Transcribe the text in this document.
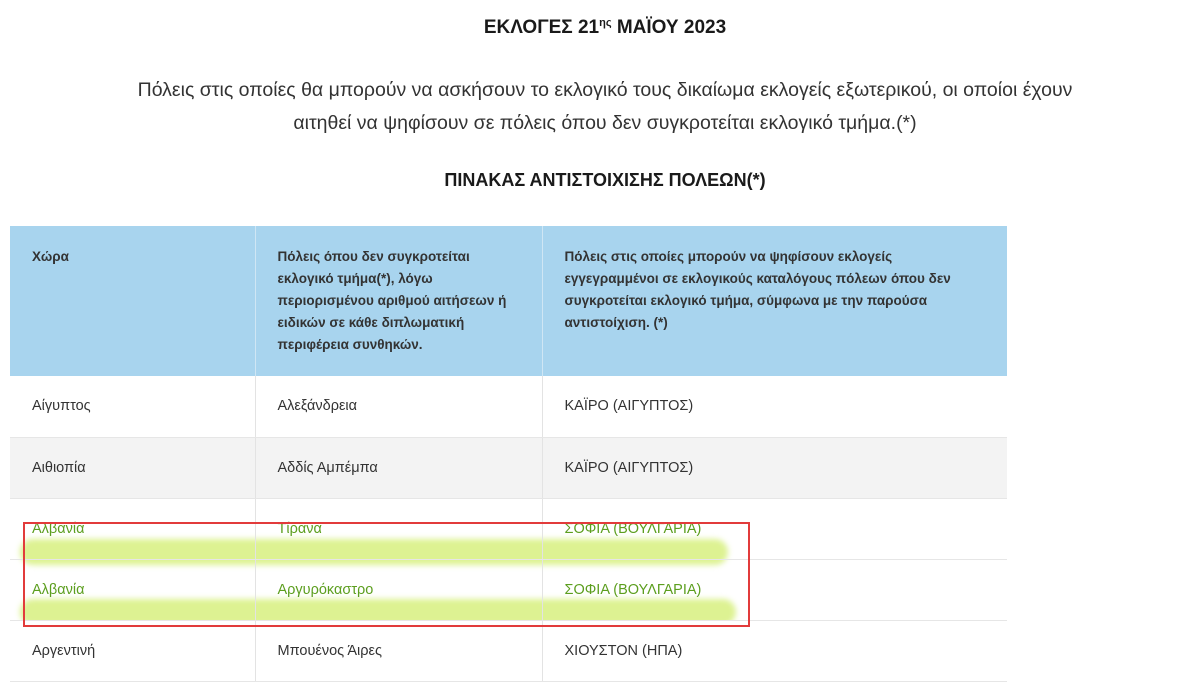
ΕΚΛΟΓΕΣ $21^{\eta\varsigma}$ ΜΑΪΟΥ 2023
Πόλεις στις οποίες θα μπορούν να ασκήσουν το εκλογικό τους δικαίωμα εκλογείς εξωτερικού, οι οποίοι έχουν
αιτηθεί να ψηφίσουν σε πόλεις όπου δεν συγκροτείται εκλογικό τμήμα.(*)
ΠΙΝΑΚΑΣ ΑΝΤΙΣΤΟΙΧΙΣΗΣ ΠΟΛΕΩΝ(*)
Χώρα	Πόλεις όπου δεν συγκροτείται εκλογικό τμήμα(*), λόγω περιορισμένου αριθμού αιτήσεων ή ειδικών σε κάθε διπλωματική περιφέρεια συνθηκών.	Πόλεις στις οποίες μπορούν να ψηφίσουν εκλογείς εγγεγραμμένοι σε εκλογικούς καταλόγους πόλεων όπου δεν συγκροτείται εκλογικό τμήμα, σύμφωνα με την παρούσα αντιστοίχιση. (*)
Αίγυπτος	Αλεξάνδρεια	ΚΑΪΡΟ (ΑΙΓΥΠΤΟΣ)
Αιθιοπία	Αδδίς Αμπέμπα	ΚΑΪΡΟ (ΑΙΓΥΠΤΟΣ)
Αλβανία	Τίρανα	ΣΟΦΙΑ (ΒΟΥΛΓΑΡΙΑ)
Αλβανία	Αργυρόκαστρο	ΣΟΦΙΑ (ΒΟΥΛΓΑΡΙΑ)
Αργεντινή	Μπουένος Άιρες	ΧΙΟΥΣΤΟΝ (ΗΠΑ)
